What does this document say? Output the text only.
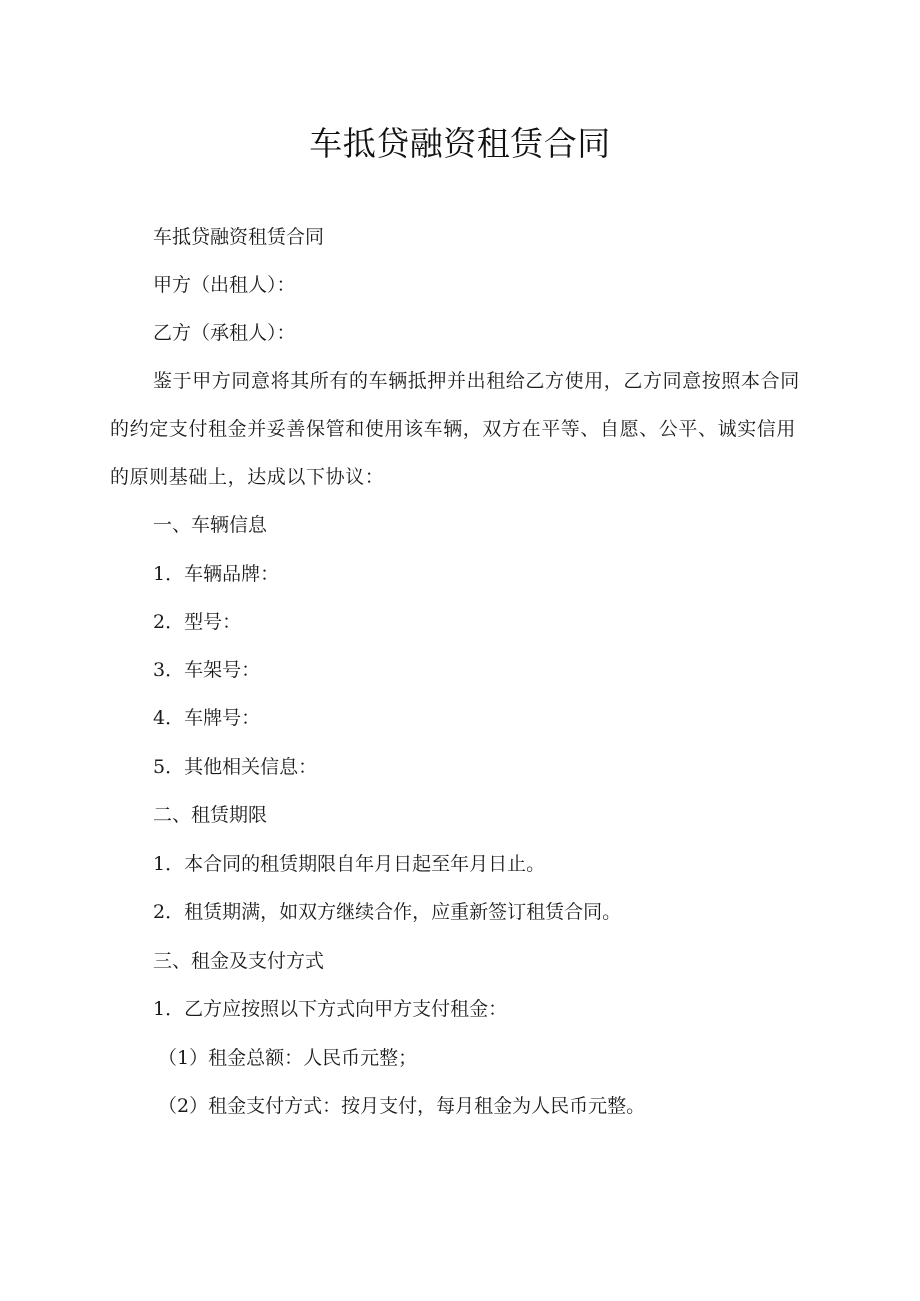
车抵贷融资租赁合同
车抵贷融资租赁合同
甲方（出租人）：
乙方（承租人）：
鉴于甲方同意将其所有的车辆抵押并出租给乙方使用，乙方同意按照本合同
的约定支付租金并妥善保管和使用该车辆，双方在平等、自愿、公平、诚实信用
的原则基础上，达成以下协议：
一、车辆信息
1．车辆品牌：
2．型号：
3．车架号：
4．车牌号：
5．其他相关信息：
二、租赁期限
1．本合同的租赁期限自年月日起至年月日止。
2．租赁期满，如双方继续合作，应重新签订租赁合同。
三、租金及支付方式
1．乙方应按照以下方式向甲方支付租金：
（1）租金总额：人民币元整；
（2）租金支付方式：按月支付，每月租金为人民币元整。
